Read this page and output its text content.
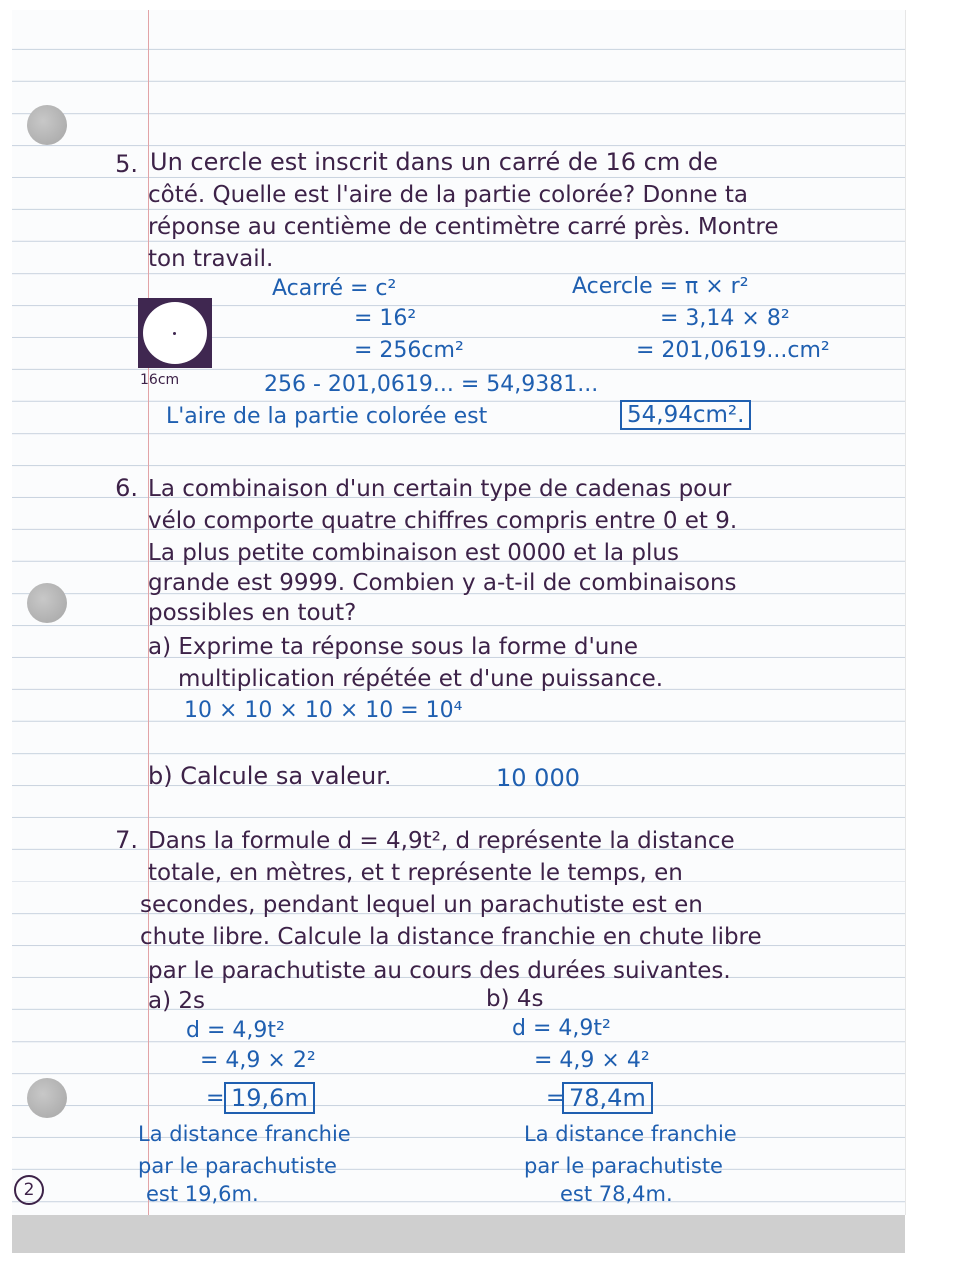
5. Un cercle est inscrit dans un carré de 16 cm de
côté. Quelle est l'aire de la partie colorée? Donne ta
réponse au centième de centimètre carré près. Montre
ton travail.
16cm
Acarré = c²
= 16²
= 256cm²
Acercle = π × r²
= 3,14 × 8²
= 201,0619...cm²
256 - 201,0619... = 54,9381...
L'aire de la partie colorée est	54,94cm².
6. La combinaison d'un certain type de cadenas pour
vélo comporte quatre chiffres compris entre 0 et 9.
La plus petite combinaison est 0000 et la plus
grande est 9999. Combien y a-t-il de combinaisons
possibles en tout?
a) Exprime ta réponse sous la forme d'une
multiplication répétée et d'une puissance.
10 × 10 × 10 × 10 = 10⁴
b) Calcule sa valeur.	10 000
7. Dans la formule d = 4,9t², d représente la distance
totale, en mètres, et t représente le temps, en
secondes, pendant lequel un parachutiste est en
chute libre. Calcule la distance franchie en chute libre
par le parachutiste au cours des durées suivantes.
a) 2s
d = 4,9t²
= 4,9 × 2²
= 19,6m
La distance franchie
par le parachutiste
est 19,6m.
b) 4s
d = 4,9t²
= 4,9 × 4²
= 78,4m
La distance franchie
par le parachutiste
est 78,4m.
2
